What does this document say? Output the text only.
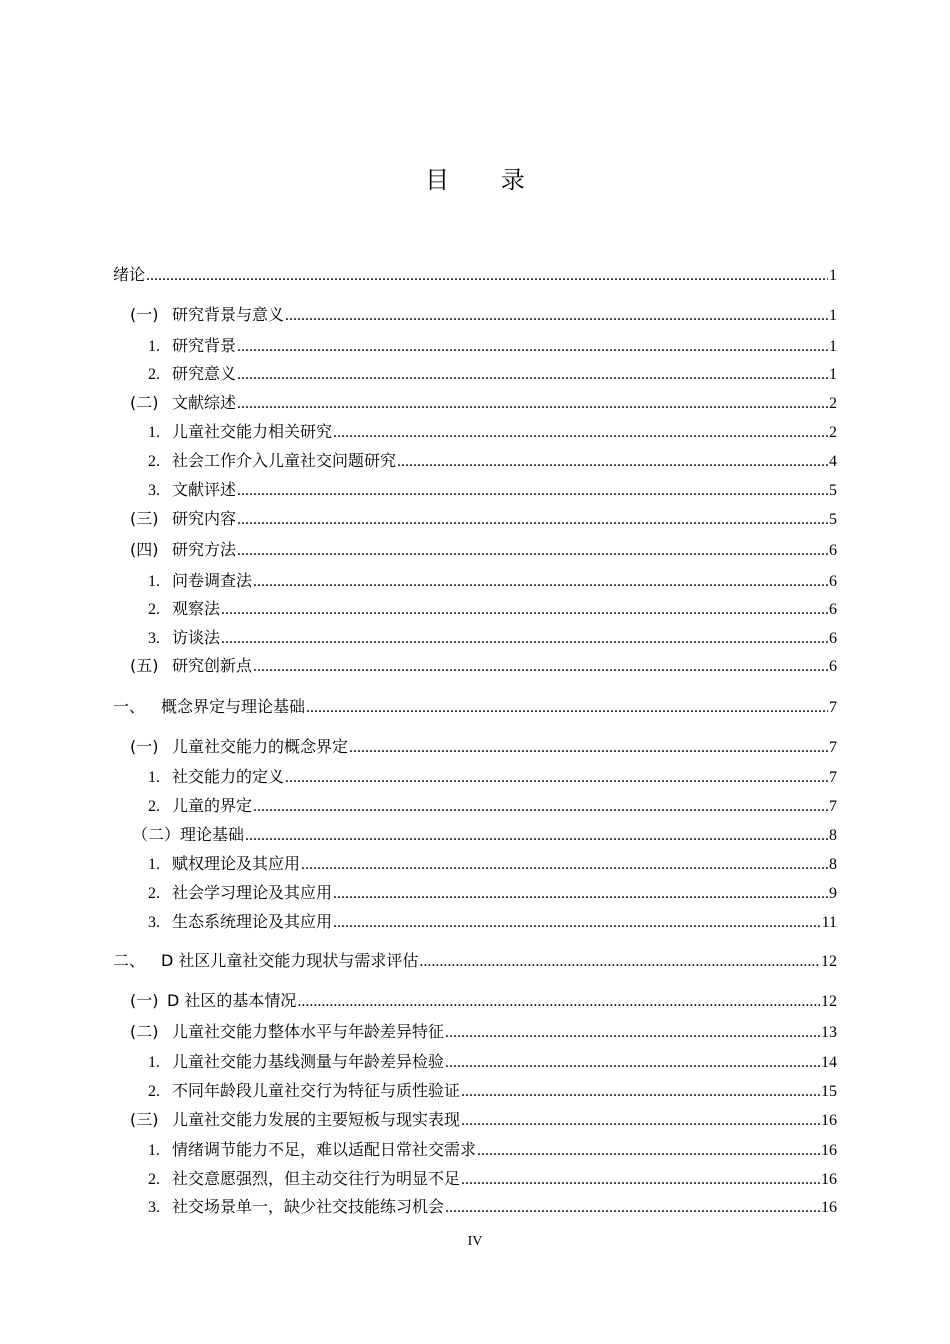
目 录
绪论 .....	1
(一) 研究背景与意义 .....	1
1. 研究背景 .....	1
2. 研究意义 .....	1
(二) 文献综述 .....	2
1. 儿童社交能力相关研究 .....	2
2. 社会工作介入儿童社交问题研究 .....	4
3. 文献评述 .....	5
(三) 研究内容 .....	5
(四) 研究方法 .....	6
1. 问卷调查法 .....	6
2. 观察法 .....	6
3. 访谈法 .....	6
(五) 研究创新点 .....	6
一、 概念界定与理论基础 .....	7
(一) 儿童社交能力的概念界定 .....	7
1. 社交能力的定义 .....	7
2. 儿童的界定 .....	7
（二）理论基础 .....	8
1. 赋权理论及其应用 .....	8
2. 社会学习理论及其应用 .....	9
3. 生态系统理论及其应用 .....	11
二、 D 社区儿童社交能力现状与需求评估 .....	12
(一) D 社区的基本情况 .....	12
(二) 儿童社交能力整体水平与年龄差异特征 .....	13
1. 儿童社交能力基线测量与年龄差异检验 .....	14
2. 不同年龄段儿童社交行为特征与质性验证 .....	15
(三) 儿童社交能力发展的主要短板与现实表现 .....	16
1. 情绪调节能力不足，难以适配日常社交需求 .....	16
2. 社交意愿强烈，但主动交往行为明显不足 .....	16
3. 社交场景单一，缺少社交技能练习机会 .....	16
IV
